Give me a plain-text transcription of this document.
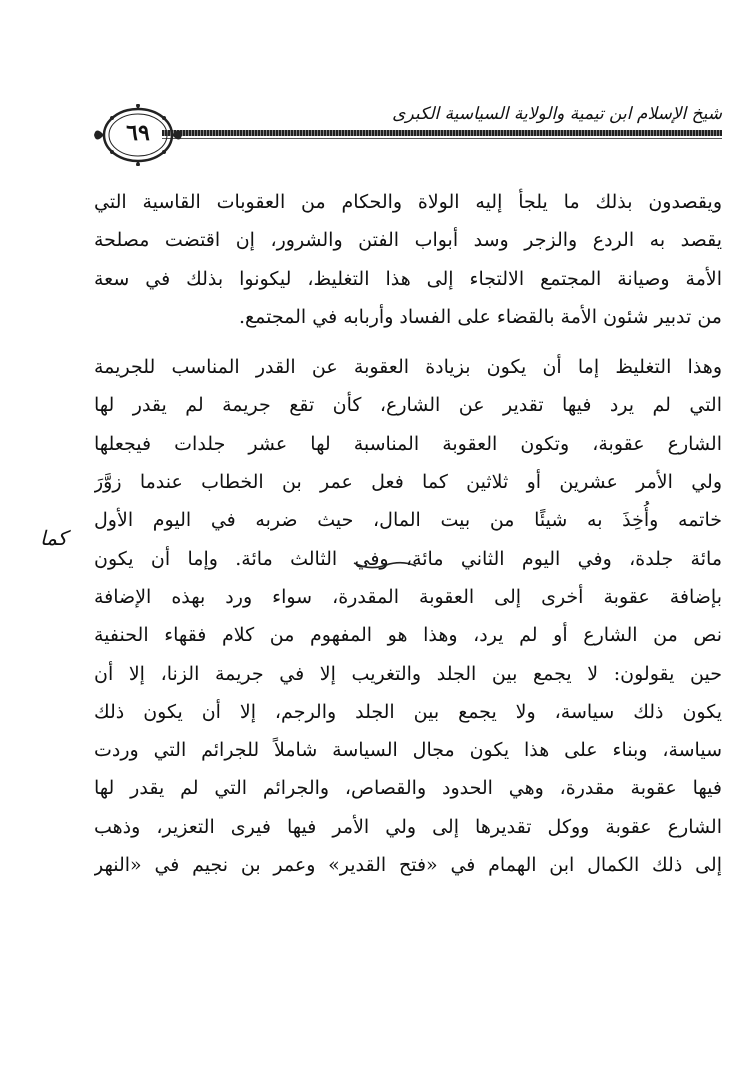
شيخ الإسلام ابن تيمية والولاية السياسية الكبرى
٦٩
ويقصدون بذلك ما يلجأ إليه الولاة والحكام من العقوبات القاسية التي
يقصد به الردع والزجر وسد أبواب الفتن والشرور، إن اقتضت مصلحة
الأمة وصيانة المجتمع الالتجاء إلى هذا التغليظ، ليكونوا بذلك في سعة
من تدبير شئون الأمة بالقضاء على الفساد وأربابه في المجتمع.
وهذا التغليظ إما أن يكون بزيادة العقوبة عن القدر المناسب للجريمة
التي لم يرد فيها تقدير عن الشارع، كأن تقع جريمة لم يقدر لها
الشارع عقوبة، وتكون العقوبة المناسبة لها عشر جلدات فيجعلها
ولي الأمر عشرين أو ثلاثين كما فعل عمر بن الخطاب عندما زوَّرَ
خاتمه وأُخِذَ به شيئًا من بيت المال، حيث ضربه في اليوم الأول
مائة جلدة، وفي اليوم الثاني مائة، وفي الثالث مائة. وإما أن يكون
بإضافة عقوبة أخرى إلى العقوبة المقدرة، سواء ورد بهذه الإضافة
نص من الشارع أو لم يرد، وهذا هو المفهوم من كلام فقهاء الحنفية
حين يقولون: لا يجمع بين الجلد والتغريب إلا في جريمة الزنا، إلا أن
يكون ذلك سياسة، ولا يجمع بين الجلد والرجم، إلا أن يكون ذلك
سياسة، وبناء على هذا يكون مجال السياسة شاملاً للجرائم التي وردت
فيها عقوبة مقدرة، وهي الحدود والقصاص، والجرائم التي لم يقدر لها
الشارع عقوبة ووكل تقديرها إلى ولي الأمر فيها فيرى التعزير، وذهب
إلى ذلك الكمال ابن الهمام في «فتح القدير» وعمر بن نجيم في «النهر
كما
